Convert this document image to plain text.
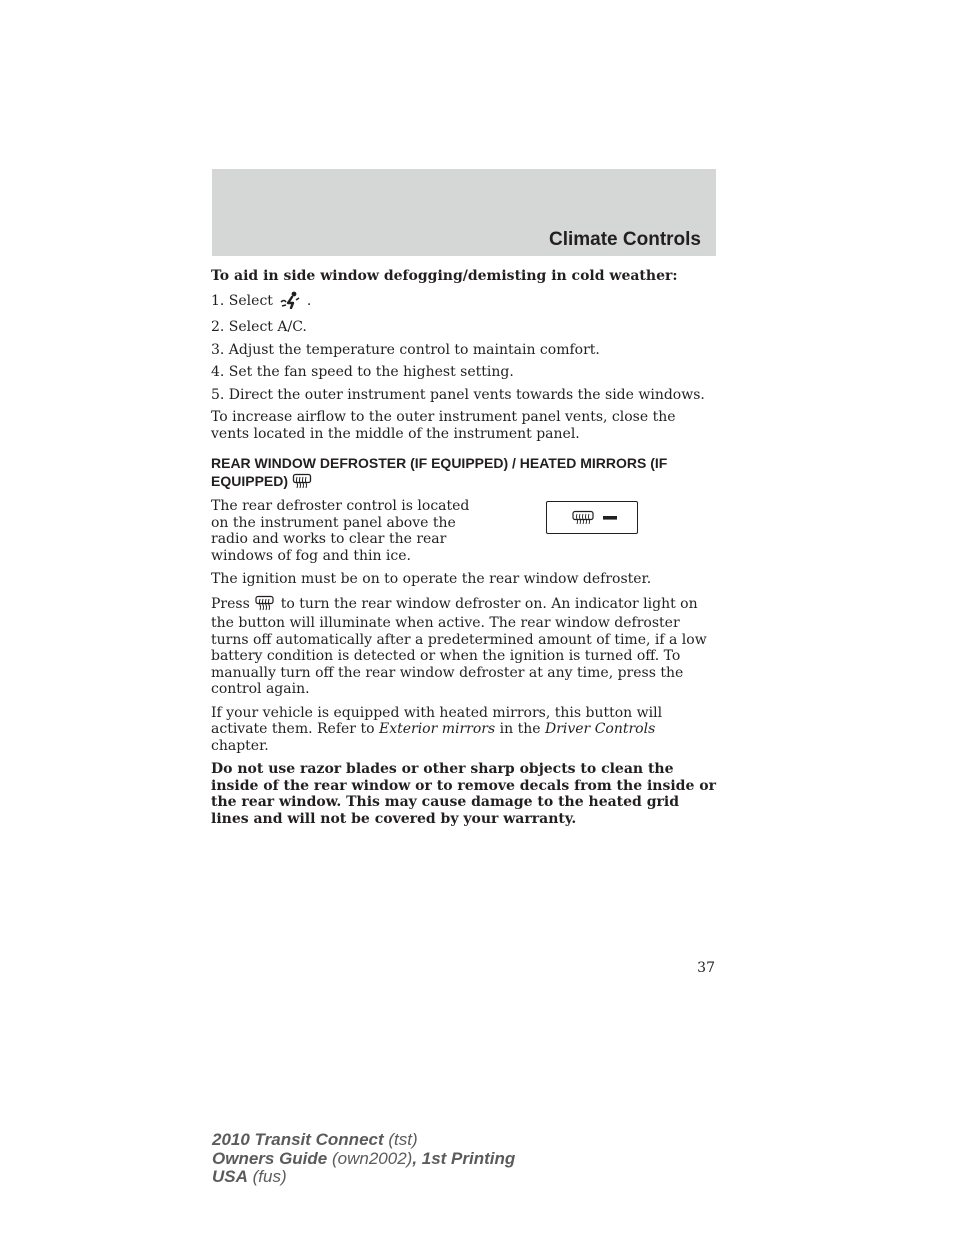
Climate Controls

To aid in side window defogging/demisting in cold weather:

1. Select .

2. Select A/C.

3. Adjust the temperature control to maintain comfort.

4. Set the fan speed to the highest setting.

5. Direct the outer instrument panel vents towards the side windows.

To increase airflow to the outer instrument panel vents, close the vents located in the middle of the instrument panel.

REAR WINDOW DEFROSTER (IF EQUIPPED) / HEATED MIRRORS (IF EQUIPPED)

The rear defroster control is located on the instrument panel above the radio and works to clear the rear windows of fog and thin ice.

The ignition must be on to operate the rear window defroster.

Press to turn the rear window defroster on. An indicator light on the button will illuminate when active. The rear window defroster turns off automatically after a predetermined amount of time, if a low battery condition is detected or when the ignition is turned off. To manually turn off the rear window defroster at any time, press the control again.

If your vehicle is equipped with heated mirrors, this button will activate them. Refer to Exterior mirrors in the Driver Controls chapter.

Do not use razor blades or other sharp objects to clean the inside of the rear window or to remove decals from the inside or the rear window. This may cause damage to the heated grid lines and will not be covered by your warranty.

37
2010 Transit Connect (tst)
Owners Guide (own2002), 1st Printing
USA (fus)
